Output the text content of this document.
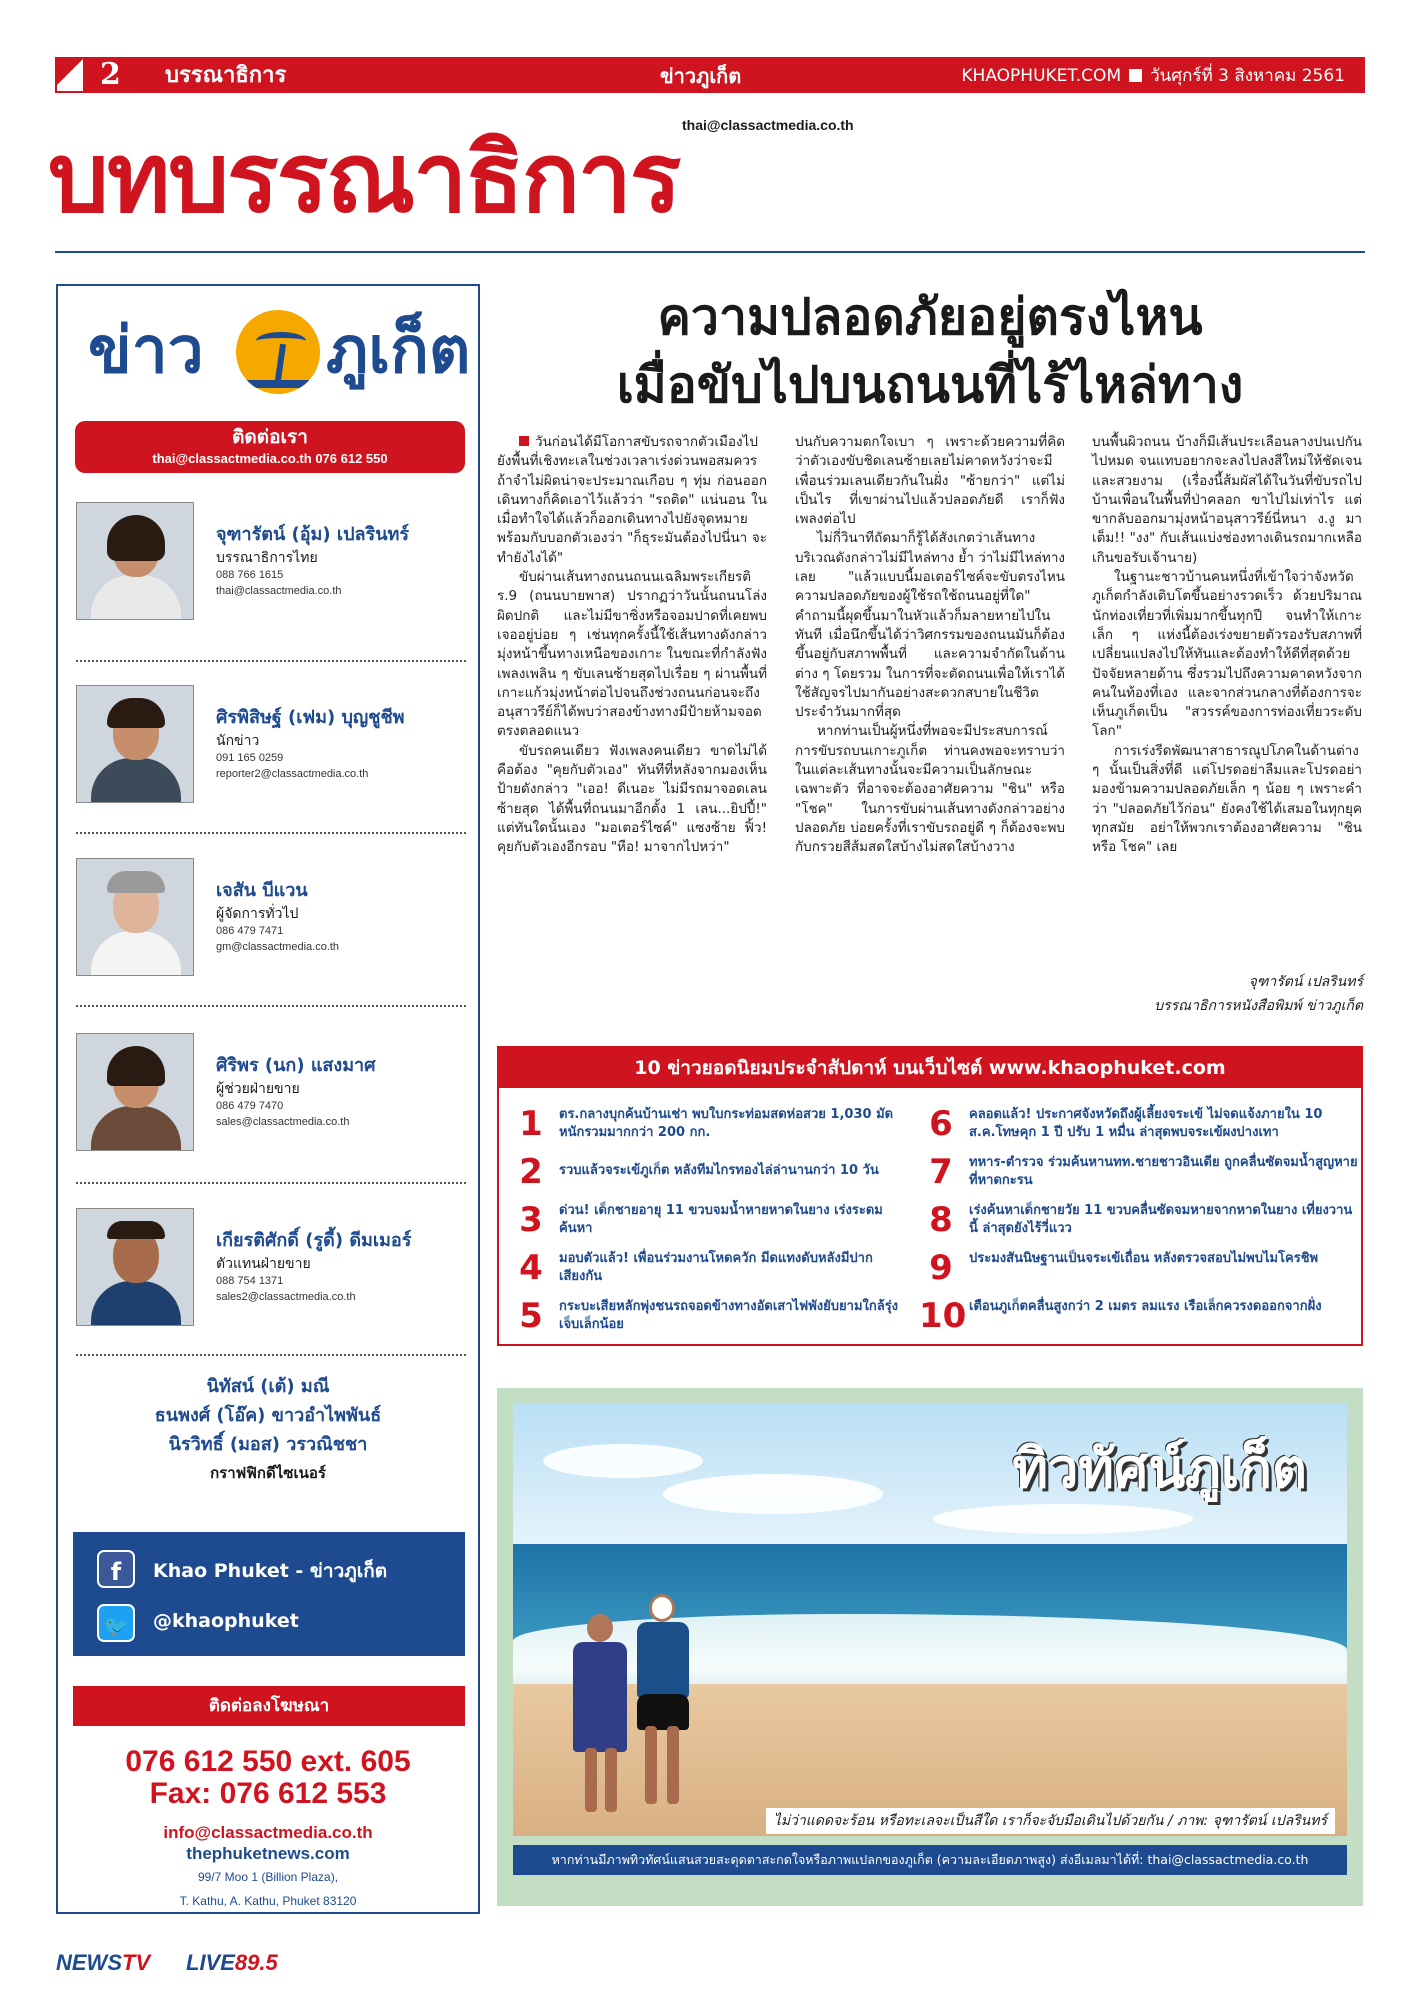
2 บรรณาธิการ	ข่าวภูเก็ต	KHAOPHUKET.COM วันศุกร์ที่ 3 สิงหาคม 2561
thai@classactmedia.co.th
บทบรรณาธิการ
ข่าว ภูเก็ต
ติดต่อเรา
thai@classactmedia.co.th 076 612 550
จุฑารัตน์ (อุ้ม) เปลรินทร์
บรรณาธิการไทย
088 766 1615
thai@classactmedia.co.th
ศิรพิสิษฐ์ (เฟม) บุญชูชีพ
นักข่าว
091 165 0259
reporter2@classactmedia.co.th
เจสัน บีแวน
ผู้จัดการทั่วไป
086 479 7471
gm@classactmedia.co.th
ศิริพร (นก) แสงมาศ
ผู้ช่วยฝ่ายขาย
086 479 7470
sales@classactmedia.co.th
เกียรติศักดิ์ (รูดี้) ดีมเมอร์
ตัวแทนฝ่ายขาย
088 754 1371
sales2@classactmedia.co.th
นิทัสน์ (เต้) มณี
ธนพงศ์ (โอ๊ค) ขาวอำไพพันธ์
นิรวิทธิ์ (มอส) วรวณิชชา
กราฟฟิกดีไซเนอร์
f	Khao Phuket - ข่าวภูเก็ต
🐦	@khaophuket
ติดต่อลงโฆษณา
076 612 550 ext. 605
Fax: 076 612 553
info@classactmedia.co.th
thephuketnews.com
99/7 Moo 1 (Billion Plaza),
T. Kathu, A. Kathu, Phuket 83120
NEWSTV LIVE89.5
ความปลอดภัยอยู่ตรงไหน
เมื่อขับไปบนถนนที่ไร้ไหล่ทาง

วันก่อนได้มีโอกาสขับรถจากตัวเมืองไปยังพื้นที่เชิงทะเลในช่วงเวลาเร่งด่วนพอสมควร ถ้าจำไม่ผิดน่าจะประมาณเกือบ ๆ ทุ่ม ก่อนออกเดินทางก็คิดเอาไว้แล้วว่า "รถติด" แน่นอน ในเมื่อทำใจได้แล้วก็ออกเดินทางไปยังจุดหมาย พร้อมกับบอกตัวเองว่า "ก็ธุระมันต้องไปนี่นา จะทำยังไงได้"

ขับผ่านเส้นทางถนนถนนเฉลิมพระเกียรติ ร.9 (ถนนบายพาส) ปรากฏว่าวันนั้นถนนโล่งผิดปกติ และไม่มีขาซิ่งหรือจอมปาดที่เคยพบเจออยู่บ่อย ๆ เช่นทุกครั้งนี้ใช้เส้นทางดังกล่าวมุ่งหน้าขึ้นทางเหนือของเกาะ ในขณะที่กำลังฟังเพลงเพลิน ๆ ขับเลนซ้ายสุดไปเรื่อย ๆ ผ่านพื้นที่เกาะแก้วมุ่งหน้าต่อไปจนถึงช่วงถนนก่อนจะถึงอนุสาวรีย์ก็ได้พบว่าสองข้างทางมีป้ายห้ามจอดตรงตลอดแนว

ขับรถคนเดียว ฟังเพลงคนเดียว ขาดไม่ได้คือต้อง "คุยกับตัวเอง" ทันทีที่หลังจากมองเห็นป้ายดังกล่าว "เออ! ดีเนอะ ไม่มีรถมาจอดเลนซ้ายสุด ได้พื้นที่ถนนมาอีกตั้ง 1 เลน...ยิปปี้!" แต่ทันใดนั้นเอง "มอเตอร์ไซค์" แซงซ้าย ฟิ้ว! คุยกับตัวเองอีกรอบ "หือ! มาจากไปหว่า"

ปนกับความตกใจเบา ๆ เพราะด้วยความที่คิดว่าตัวเองขับชิดเลนซ้ายเลยไม่คาดหวังว่าจะมีเพื่อนร่วมเลนเดียวกันในฝั่ง "ซ้ายกว่า" แต่ไม่เป็นไร ที่เขาผ่านไปแล้วปลอดภัยดี เราก็ฟังเพลงต่อไป

ไม่กี่วินาทีถัดมาก็รู้ได้สังเกตว่าเส้นทางบริเวณดังกล่าวไม่มีไหล่ทาง ย้ำ ว่าไม่มีไหล่ทางเลย "แล้วแบบนี้มอเตอร์ไซค์จะขับตรงไหน ความปลอดภัยของผู้ใช้รถใช้ถนนอยู่ที่ใด" คำถามนี้ผุดขึ้นมาในหัวแล้วก็มลายหายไปในทันที เมื่อนึกขึ้นได้ว่าวิศกรรมของถนนมันก็ต้องขึ้นอยู่กับสภาพพื้นที่ และความจำกัดในด้านต่าง ๆ โดยรวม ในการที่จะตัดถนนเพื่อให้เราได้ใช้สัญจรไปมากันอย่างสะดวกสบายในชีวิตประจำวันมากที่สุด

หากท่านเป็นผู้หนึ่งที่พอจะมีประสบการณ์การขับรถบนเกาะภูเก็ต ท่านคงพอจะทราบว่าในแต่ละเส้นทางนั้นจะมีความเป็นลักษณะเฉพาะตัว ที่อาจจะต้องอาศัยความ "ชิน" หรือ "โชค" ในการขับผ่านเส้นทางดังกล่าวอย่างปลอดภัย บ่อยครั้งที่เราขับรถอยู่ดี ๆ ก็ต้องจะพบกับกรวยสีส้มสดใสบ้างไม่สดใสบ้างวาง

บนพื้นผิวถนน บ้างก็มีเส้นประเลือนลางปนเปกันไปหมด จนแทบอยากจะลงไปลงสีใหม่ให้ชัดเจนและสวยงาม (เรื่องนี้ส้มผัสได้ในวันที่ขับรถไปบ้านเพื่อนในพื้นที่ป่าคลอก ขาไปไม่เท่าไร แต่ขากลับออกมามุ่งหน้าอนุสาวรีย์นี่หนา ง.งู มาเต็ม!! "งง" กับเส้นแบ่งช่องทางเดินรถมากเหลือเกินขอรับเจ้านาย)

ในฐานะชาวบ้านคนหนึ่งที่เข้าใจว่าจังหวัดภูเก็ตกำลังเติบโตขึ้นอย่างรวดเร็ว ด้วยปริมาณนักท่องเที่ยวที่เพิ่มมากขึ้นทุกปี จนทำให้เกาะเล็ก ๆ แห่งนี้ต้องเร่งขยายตัวรองรับสภาพที่เปลี่ยนแปลงไปให้ทันและต้องทำให้ดีที่สุดด้วยปัจจัยหลายด้าน ซึ่งรวมไปถึงความคาดหวังจากคนในท้องที่เอง และจากส่วนกลางที่ต้องการจะเห็นภูเก็ตเป็น "สวรรค์ของการท่องเที่ยวระดับโลก"

การเร่งรีดพัฒนาสาธารณูปโภคในด้านต่าง ๆ นั้นเป็นสิ่งที่ดี แต่โปรดอย่าลืมและโปรดอย่ามองข้ามความปลอดภัยเล็ก ๆ น้อย ๆ เพราะคำว่า "ปลอดภัยไว้ก่อน" ยังคงใช้ได้เสมอในทุกยุคทุกสมัย อย่าให้พวกเราต้องอาศัยความ "ชิน หรือ โชค" เลย

จุฑารัตน์ เปลรินทร์
บรรณาธิการหนังสือพิมพ์ ข่าวภูเก็ต
10 ข่าวยอดนิยมประจำสัปดาห์ บนเว็บไซต์ www.khaophuket.com
1	ตร.กลางบุกค้นบ้านเช่า พบใบกระท่อมสดห่อสวย 1,030 มัด หนักรวมมากกว่า 200 กก.
2	รวบแล้วจระเข้ภูเก็ต หลังทีมไกรทองไล่ล่านานกว่า 10 วัน
3	ด่วน! เด็กชายอายุ 11 ขวบจมน้ำหายหาดในยาง เร่งระดมค้นหา
4	มอบตัวแล้ว! เพื่อนร่วมงานโหดควัก มีดแทงดับหลังมีปากเสียงกัน
5	กระบะเสียหลักพุ่งชนรถจอดข้างทางอัดเสาไฟพังยับยามใกล้รุ่ง เจ็บเล็กน้อย
6	คลอดแล้ว! ประกาศจังหวัดถึงผู้เลี้ยงจระเข้ ไม่จดแจ้งภายใน 10 ส.ค.โทษคุก 1 ปี ปรับ 1 หมื่น ล่าสุดพบจระเข้ผงบ่างเทา
7	ทหาร-ตำรวจ ร่วมค้นหานทท.ชายชาวอินเดีย ถูกคลื่นซัดจมน้ำสูญหายที่หาดกะรน
8	เร่งค้นหาเด็กชายวัย 11 ขวบคลื่นซัดจมหายจากหาดในยาง เที่ยงวานนี้ ล่าสุดยังไร้วี่แวว
9	ประมงสันนิษฐานเป็นจระเข้เถื่อน หลังตรวจสอบไม่พบไมโครชิพ
10 เตือนภูเก็ตคลื่นสูงกว่า 2 เมตร ลมแรง เรือเล็กควรงดออกจากฝั่ง
ทิวทัศน์ภูเก็ต
ไม่ว่าแดดจะร้อน หรือทะเลจะเป็นสีใด เราก็จะจับมือเดินไปด้วยกัน / ภาพ: จุฑารัตน์ เปลรินทร์
หากท่านมีภาพทิวทัศน์แสนสวยสะดุดตาสะกดใจหรือภาพแปลกของภูเก็ต (ความละเอียดภาพสูง) ส่งอีเมลมาได้ที่: thai@classactmedia.co.th
